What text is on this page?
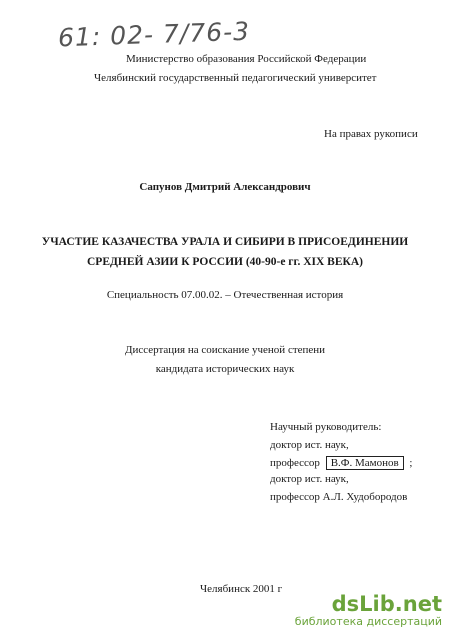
61: 02- 7/76-3
Министерство образования Российской Федерации
Челябинский государственный педагогический университет
На правах рукописи
Сапунов Дмитрий Александрович
УЧАСТИЕ КАЗАЧЕСТВА УРАЛА И СИБИРИ В ПРИСОЕДИНЕНИИ
СРЕДНЕЙ АЗИИ К РОССИИ (40-90-е гг. XIX ВЕКА)
Специальность 07.00.02. – Отечественная история
Диссертация на соискание ученой степени
кандидата исторических наук
Научный руководитель:
доктор ист. наук,
профессор В.Ф. Мамонов ;
доктор ист. наук,
профессор А.Л. Худобородов
Челябинск 2001 г
dsLib.net
библиотека диссертаций
